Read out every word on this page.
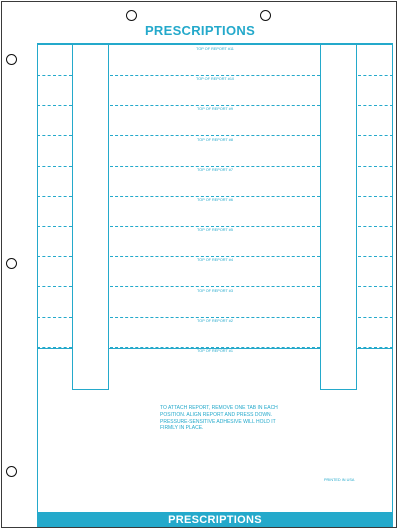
PRESCRIPTIONS
TOP OF REPORT #11
TOP OF REPORT #10
TOP OF REPORT #9
TOP OF REPORT #8
TOP OF REPORT #7
TOP OF REPORT #6
TOP OF REPORT #5
TOP OF REPORT #4
TOP OF REPORT #3
TOP OF REPORT #2
TOP OF REPORT #1
TO ATTACH REPORT, REMOVE ONE TAB IN EACH POSITION. ALIGN REPORT AND PRESS DOWN. PRESSURE-SENSITIVE ADHESIVE WILL HOLD IT FIRMLY IN PLACE.
PRINTED IN USA
PRESCRIPTIONS
